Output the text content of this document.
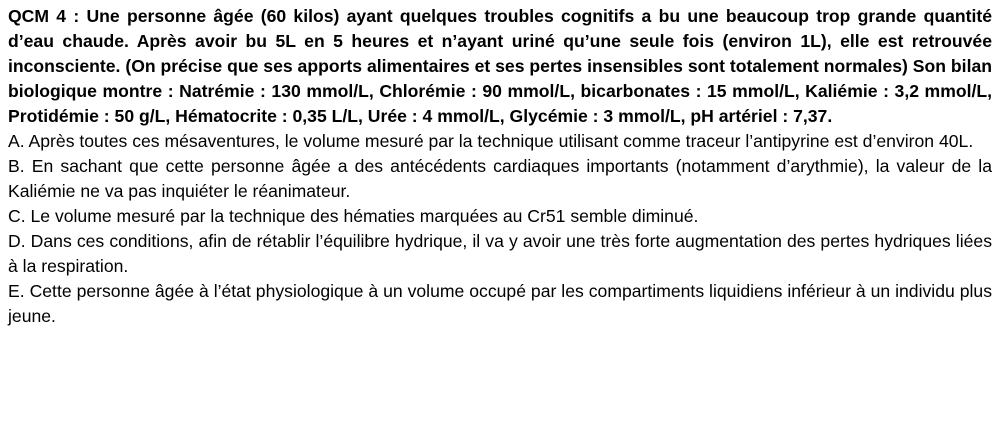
QCM 4 : Une personne âgée (60 kilos) ayant quelques troubles cognitifs a bu une beaucoup trop grande quantité d’eau chaude. Après avoir bu 5L en 5 heures et n’ayant uriné qu’une seule fois (environ 1L), elle est retrouvée inconsciente. (On précise que ses apports alimentaires et ses pertes insensibles sont totalement normales) Son bilan biologique montre : Natrémie : 130 mmol/L, Chlorémie : 90 mmol/L, bicarbonates : 15 mmol/L, Kaliémie : 3,2 mmol/L, Protidémie : 50 g/L, Hématocrite : 0,35 L/L, Urée : 4 mmol/L, Glycémie : 3 mmol/L, pH artériel : 7,37.

A. Après toutes ces mésaventures, le volume mesuré par la technique utilisant comme traceur l’antipyrine est d’environ 40L.

B. En sachant que cette personne âgée a des antécédents cardiaques importants (notamment d’arythmie), la valeur de la Kaliémie ne va pas inquiéter le réanimateur.

C. Le volume mesuré par la technique des hématies marquées au Cr51 semble diminué.

D. Dans ces conditions, afin de rétablir l’équilibre hydrique, il va y avoir une très forte augmentation des pertes hydriques liées à la respiration.

E. Cette personne âgée à l’état physiologique à un volume occupé par les compartiments liquidiens inférieur à un individu plus jeune.
